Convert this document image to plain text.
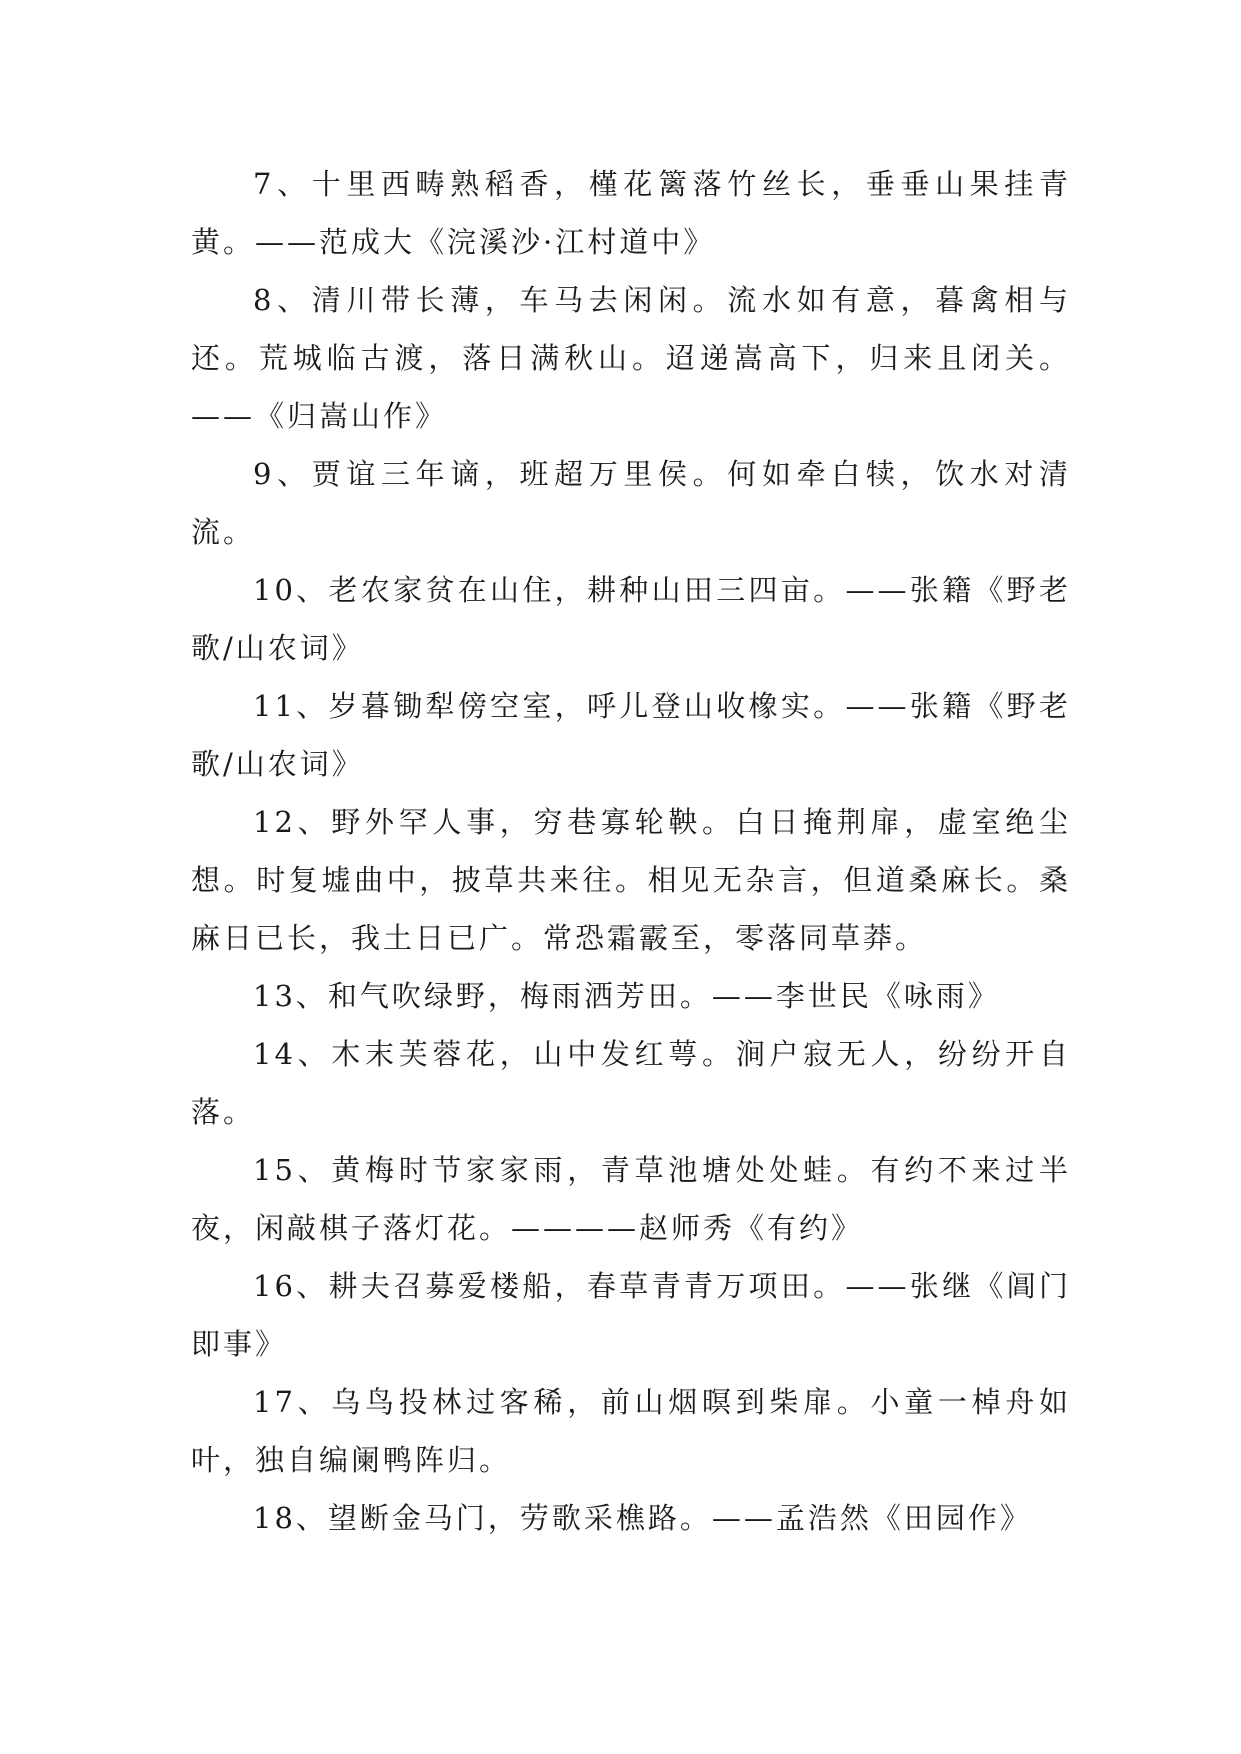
7、十里西畴熟稻香，槿花篱落竹丝长，垂垂山果挂青黄。——范成大《浣溪沙·江村道中》

8、清川带长薄，车马去闲闲。流水如有意，暮禽相与还。荒城临古渡，落日满秋山。迢递嵩高下，归来且闭关。——《归嵩山作》

9、贾谊三年谪，班超万里侯。何如牵白犊，饮水对清流。

10、老农家贫在山住，耕种山田三四亩。——张籍《野老歌/山农词》

11、岁暮锄犁傍空室，呼儿登山收橡实。——张籍《野老歌/山农词》

12、野外罕人事，穷巷寡轮鞅。白日掩荆扉，虚室绝尘想。时复墟曲中，披草共来往。相见无杂言，但道桑麻长。桑麻日已长，我土日已广。常恐霜霰至，零落同草莽。

13、和气吹绿野，梅雨洒芳田。——李世民《咏雨》

14、木末芙蓉花，山中发红萼。涧户寂无人，纷纷开自落。

15、黄梅时节家家雨，青草池塘处处蛙。有约不来过半夜，闲敲棋子落灯花。————赵师秀《有约》

16、耕夫召募爱楼船，春草青青万项田。——张继《阊门即事》

17、乌鸟投林过客稀，前山烟暝到柴扉。小童一棹舟如叶，独自编阑鸭阵归。

18、望断金马门，劳歌采樵路。——孟浩然《田园作》
